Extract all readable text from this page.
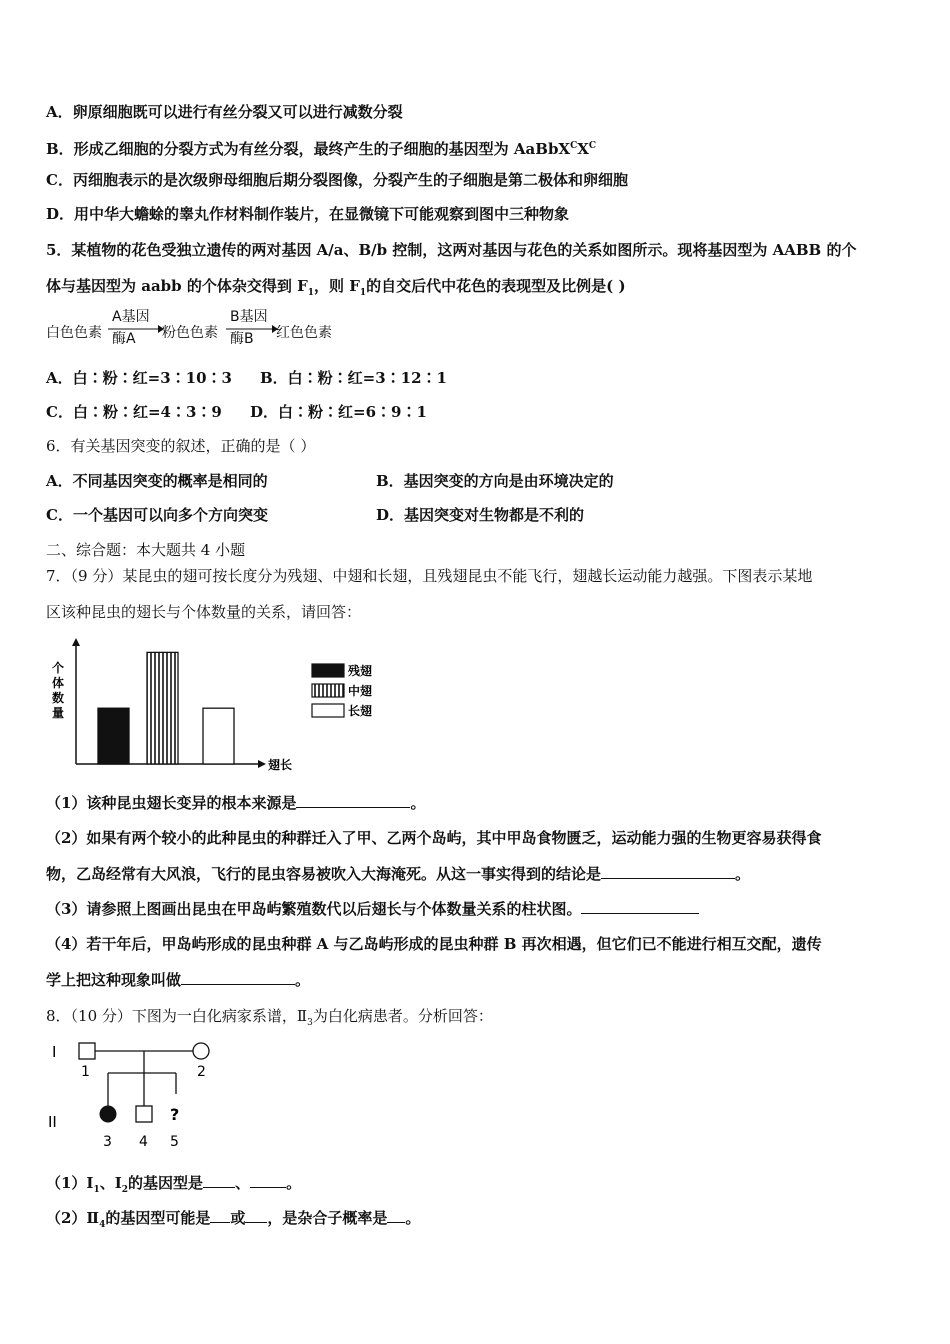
A．卵原细胞既可以进行有丝分裂又可以进行减数分裂
B．形成乙细胞的分裂方式为有丝分裂，最终产生的子细胞的基因型为 $AaBbX^CX^C$
C．丙细胞表示的是次级卵母细胞后期分裂图像，分裂产生的子细胞是第二极体和卵细胞
D．用中华大蟾蜍的睾丸作材料制作装片，在显微镜下可能观察到图中三种物象
5．某植物的花色受独立遗传的两对基因 A/a、B/b 控制，这两对基因与花色的关系如图所示。现将基因型为 AABB 的个
体与基因型为 aabb 的个体杂交得到 $F_1$，则 $F_1$的自交后代中花色的表现型及比例是( )
白色色素
A基因
酶A 粉色色素
B基因
酶B 红色色素
A．白∶粉∶红=3∶10∶3 B．白∶粉∶红=3∶12∶1
C．白∶粉∶红=4∶3∶9 D．白∶粉∶红=6∶9∶1
6．有关基因突变的叙述，正确的是（ ）
A．不同基因突变的概率是相同的	B．基因突变的方向是由环境决定的
C．一个基因可以向多个方向突变	D．基因突变对生物都是不利的
二、综合题：本大题共 4 小题
7．（9 分）某昆虫的翅可按长度分为残翅、中翅和长翅，且残翅昆虫不能飞行，翅越长运动能力越强。下图表示某地
区该种昆虫的翅长与个体数量的关系，请回答：
个
体
数
量
翅长
残翅
中翅
长翅
（1）该种昆虫翅长变异的根本来源是	。
（2）如果有两个较小的此种昆虫的种群迁入了甲、乙两个岛屿，其中甲岛食物匮乏，运动能力强的生物更容易获得食
物，乙岛经常有大风浪，飞行的昆虫容易被吹入大海淹死。从这一事实得到的结论是	。
（3）请参照上图画出昆虫在甲岛屿繁殖数代以后翅长与个体数量关系的柱状图。
（4）若干年后，甲岛屿形成的昆虫种群 A 与乙岛屿形成的昆虫种群 B 再次相遇，但它们已不能进行相互交配，遗传
学上把这种现象叫做	。
8．（10 分）下图为一白化病家系谱，$Ⅱ_3$为白化病患者。分析回答：
I
II
1	2
3 4
?
5
$(1)Ⅰ_1$、$Ⅰ_2$的基因型是 、 。
$(2)Ⅱ_4$的基因型可能是 或 ，是杂合子概率是 。
